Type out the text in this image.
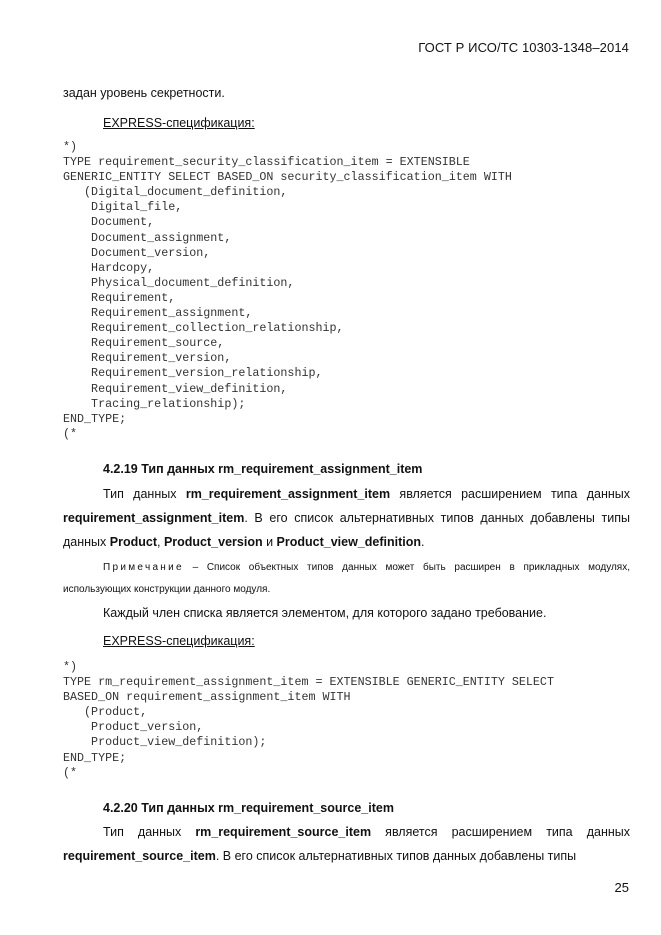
ГОСТ Р ИСО/ТС 10303-1348–2014
задан уровень секретности.
EXPRESS-спецификация:
*)
TYPE requirement_security_classification_item = EXTENSIBLE
GENERIC_ENTITY SELECT BASED_ON security_classification_item WITH
(Digital_document_definition,
Digital_file,
Document,
Document_assignment,
Document_version,
Hardcopy,
Physical_document_definition,
Requirement,
Requirement_assignment,
Requirement_collection_relationship,
Requirement_source,
Requirement_version,
Requirement_version_relationship,
Requirement_view_definition,
Tracing_relationship);
END_TYPE;
(*
4.2.19 Тип данных rm_requirement_assignment_item
Тип данных rm_requirement_assignment_item является расширением типа данных requirement_assignment_item. В его список альтернативных типов данных добавлены типы данных Product, Product_version и Product_view_definition.
Примечание – Список объектных типов данных может быть расширен в прикладных модулях,
использующих конструкции данного модуля.
Каждый член списка является элементом, для которого задано требование.
EXPRESS-спецификация:
*)
TYPE rm_requirement_assignment_item = EXTENSIBLE GENERIC_ENTITY SELECT
BASED_ON requirement_assignment_item WITH
(Product,
Product_version,
Product_view_definition);
END_TYPE;
(*
4.2.20 Тип данных rm_requirement_source_item
Тип данных rm_requirement_source_item является расширением типа данных requirement_source_item. В его список альтернативных типов данных добавлены типы
25
